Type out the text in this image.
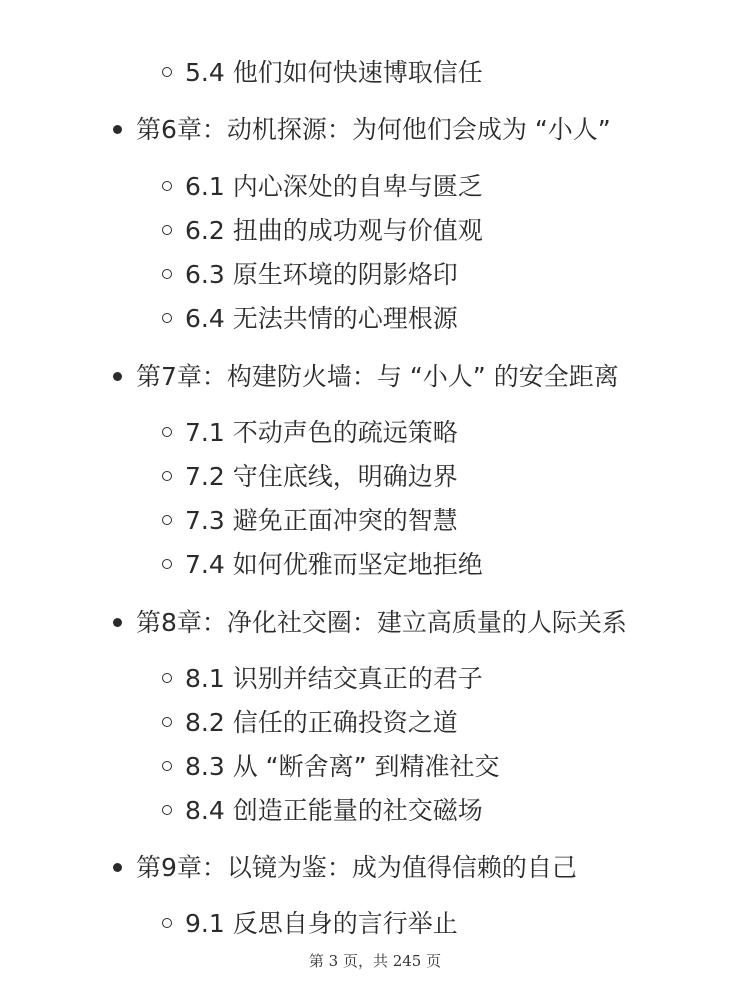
5.4 他们如何快速博取信任
第6章：动机探源：为何他们会成为 “小人”
6.1 内心深处的自卑与匮乏
6.2 扭曲的成功观与价值观
6.3 原生环境的阴影烙印
6.4 无法共情的心理根源
第7章：构建防火墙：与 “小人” 的安全距离
7.1 不动声色的疏远策略
7.2 守住底线，明确边界
7.3 避免正面冲突的智慧
7.4 如何优雅而坚定地拒绝
第8章：净化社交圈：建立高质量的人际关系
8.1 识别并结交真正的君子
8.2 信任的正确投资之道
8.3 从 “断舍离” 到精准社交
8.4 创造正能量的社交磁场
第9章：以镜为鉴：成为值得信赖的自己
9.1 反思自身的言行举止
第 3 页，共 245 页
